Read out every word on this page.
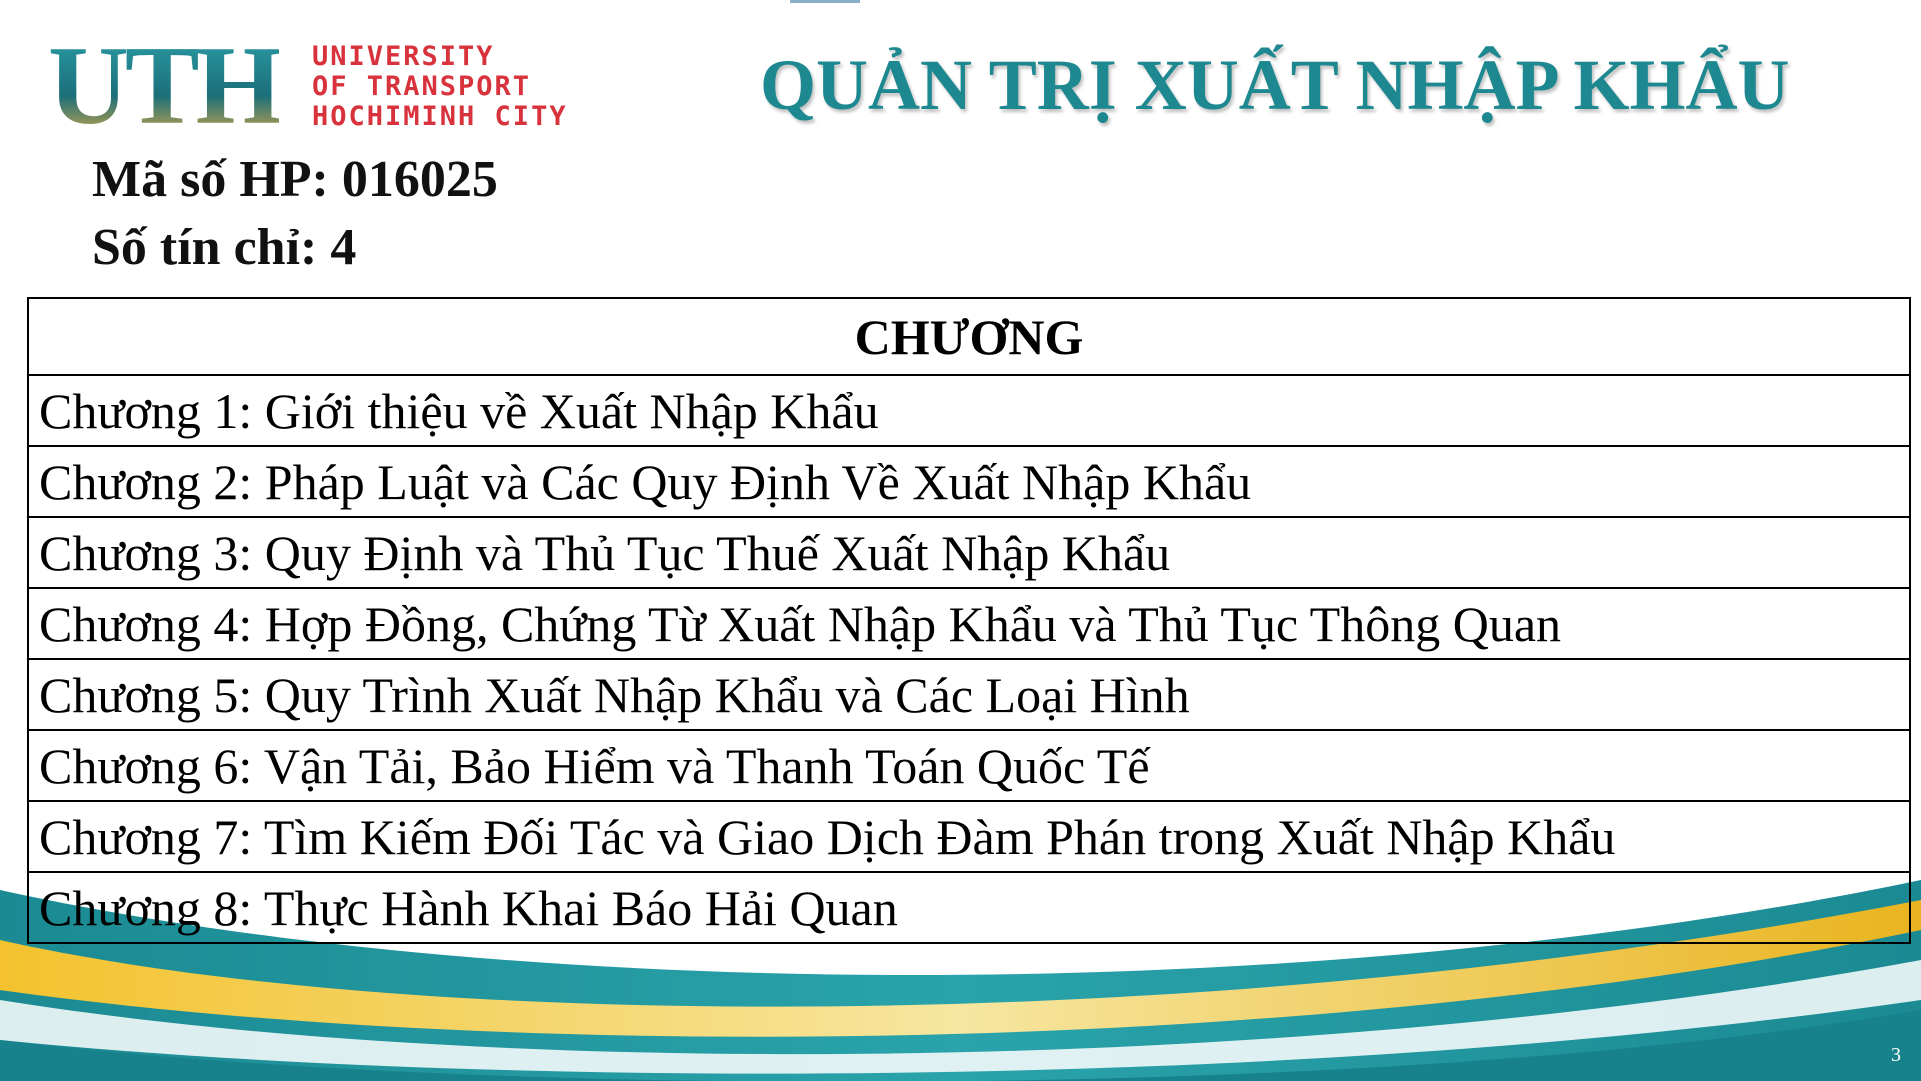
UTH UNIVERSITY
OF TRANSPORT
HOCHIMINH CITY	QUẢN TRỊ XUẤT NHẬP KHẨU
Mã số HP: 016025
Số tín chỉ: 4
CHƯƠNG
Chương 1: Giới thiệu về Xuất Nhập Khẩu
Chương 2: Pháp Luật và Các Quy Định Về Xuất Nhập Khẩu
Chương 3: Quy Định và Thủ Tục Thuế Xuất Nhập Khẩu
Chương 4: Hợp Đồng, Chứng Từ Xuất Nhập Khẩu và Thủ Tục Thông Quan
Chương 5: Quy Trình Xuất Nhập Khẩu và Các Loại Hình
Chương 6: Vận Tải, Bảo Hiểm và Thanh Toán Quốc Tế
Chương 7: Tìm Kiếm Đối Tác và Giao Dịch Đàm Phán trong Xuất Nhập Khẩu
Chương 8: Thực Hành Khai Báo Hải Quan
3
